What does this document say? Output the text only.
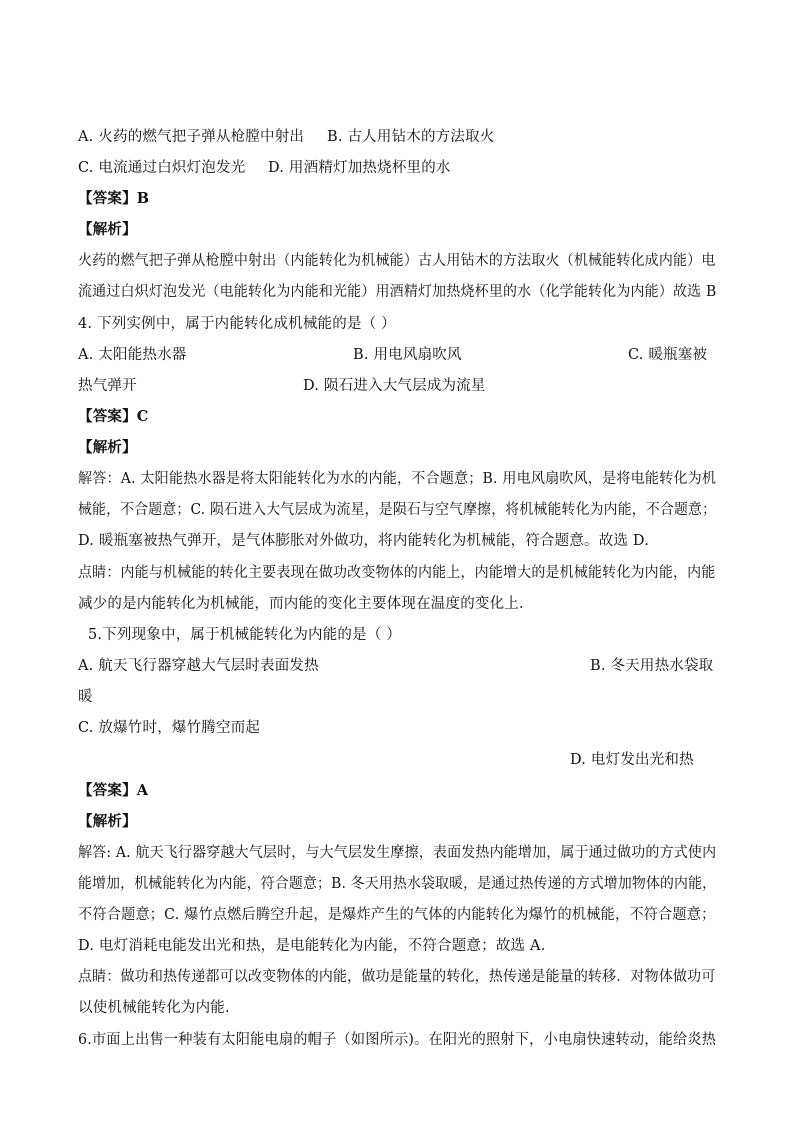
A. 火药的燃气把子弹从枪膛中射出 B. 古人用钻木的方法取火
C. 电流通过白炽灯泡发光 D. 用酒精灯加热烧杯里的水
【答案】B
【解析】
火药的燃气把子弹从枪膛中射出（内能转化为机械能）古人用钻木的方法取火（机械能转化成内能）电
流通过白炽灯泡发光（电能转化为内能和光能）用酒精灯加热烧杯里的水（化学能转化为内能）故选 B
4. 下列实例中，属于内能转化成机械能的是（ ）
A. 太阳能热水器	B. 用电风扇吹风	C. 暖瓶塞被
热气弹开	D. 陨石进入大气层成为流星
【答案】C
【解析】
解答：A. 太阳能热水器是将太阳能转化为水的内能，不合题意；B. 用电风扇吹风，是将电能转化为机
械能，不合题意；C. 陨石进入大气层成为流星，是陨石与空气摩擦，将机械能转化为内能，不合题意；
D. 暖瓶塞被热气弹开，是气体膨胀对外做功，将内能转化为机械能，符合题意。故选 D.
点睛：内能与机械能的转化主要表现在做功改变物体的内能上，内能增大的是机械能转化为内能，内能
减少的是内能转化为机械能，而内能的变化主要体现在温度的变化上.
5.下列现象中，属于机械能转化为内能的是（ ）
A. 航天飞行器穿越大气层时表面发热	B. 冬天用热水袋取
暖
C. 放爆竹时，爆竹腾空而起
D. 电灯发出光和热
【答案】A
【解析】
解答: A. 航天飞行器穿越大气层时，与大气层发生摩擦，表面发热内能增加，属于通过做功的方式使内
能增加，机械能转化为内能，符合题意；B. 冬天用热水袋取暖，是通过热传递的方式增加物体的内能，
不符合题意；C. 爆竹点燃后腾空升起，是爆炸产生的气体的内能转化为爆竹的机械能，不符合题意；
D. 电灯消耗电能发出光和热，是电能转化为内能，不符合题意；故选 A.
点睛：做功和热传递都可以改变物体的内能，做功是能量的转化，热传递是能量的转移．对物体做功可
以使机械能转化为内能.
6.市面上出售一种装有太阳能电扇的帽子（如图所示)。在阳光的照射下，小电扇快速转动，能给炎热
